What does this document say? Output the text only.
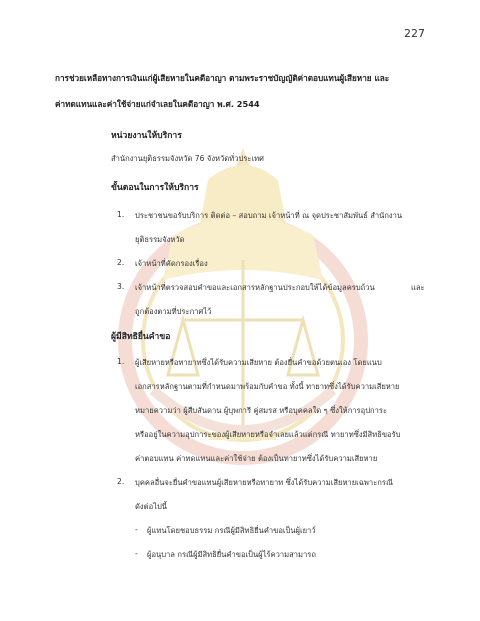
227
การช่วยเหลือทางการเงินแก่ผู้เสียหายในคดีอาญา ตามพระราชบัญญัติค่าตอบแทนผู้เสียหาย และ
ค่าทดแทนและค่าใช้จ่ายแก่จำเลยในคดีอาญา พ.ศ. 2544
หน่วยงานให้บริการ
สำนักงานยุติธรรมจังหวัด 76 จังหวัดทั่วประเทศ
ขั้นตอนในการให้บริการ
1. ประชาชนขอรับบริการ ติดต่อ – สอบถาม เจ้าหน้าที่ ณ จุดประชาสัมพันธ์ สำนักงาน
ยุติธรรมจังหวัด
2. เจ้าหน้าที่คัดกรองเรื่อง
3. เจ้าหน้าที่ตรวจสอบคำขอและเอกสารหลักฐานประกอบให้ได้ข้อมูลครบถ้วน	และ
ถูกต้องตามที่ประกาศไว้
ผู้มีสิทธิยื่นคำขอ
1. ผู้เสียหายหรือทายาทซึ่งได้รับความเสียหาย ต้องยื่นคำขอด้วยตนเอง โดยแนบ
เอกสารหลักฐานตามที่กำหนดมาพร้อมกับคำขอ ทั้งนี้ ทายาทซึ่งได้รับความเสียหาย
หมายความว่า ผู้สืบสันดาน ผู้บุพการี คู่สมรส หรือบุคคลใด ๆ ซึ่งให้การอุปการะ
หรืออยู่ในความอุปการะของผู้เสียหายหรือจำเลยแล้วแต่กรณี ทายาทซึ่งมีสิทธิขอรับ
ค่าตอบแทน ค่าทดแทนและค่าใช้จ่าย ต้องเป็นทายาทซึ่งได้รับความเสียหาย
2. บุคคลอื่นจะยื่นคำขอแทนผู้เสียหายหรือทายาท ซึ่งได้รับความเสียหายเฉพาะกรณี
ดังต่อไปนี้
- ผู้แทนโดยชอบธรรม กรณีผู้มีสิทธิยื่นคำขอเป็นผู้เยาว์
- ผู้อนุบาล กรณีผู้มีสิทธิยื่นคำขอเป็นผู้ไร้ความสามารถ
